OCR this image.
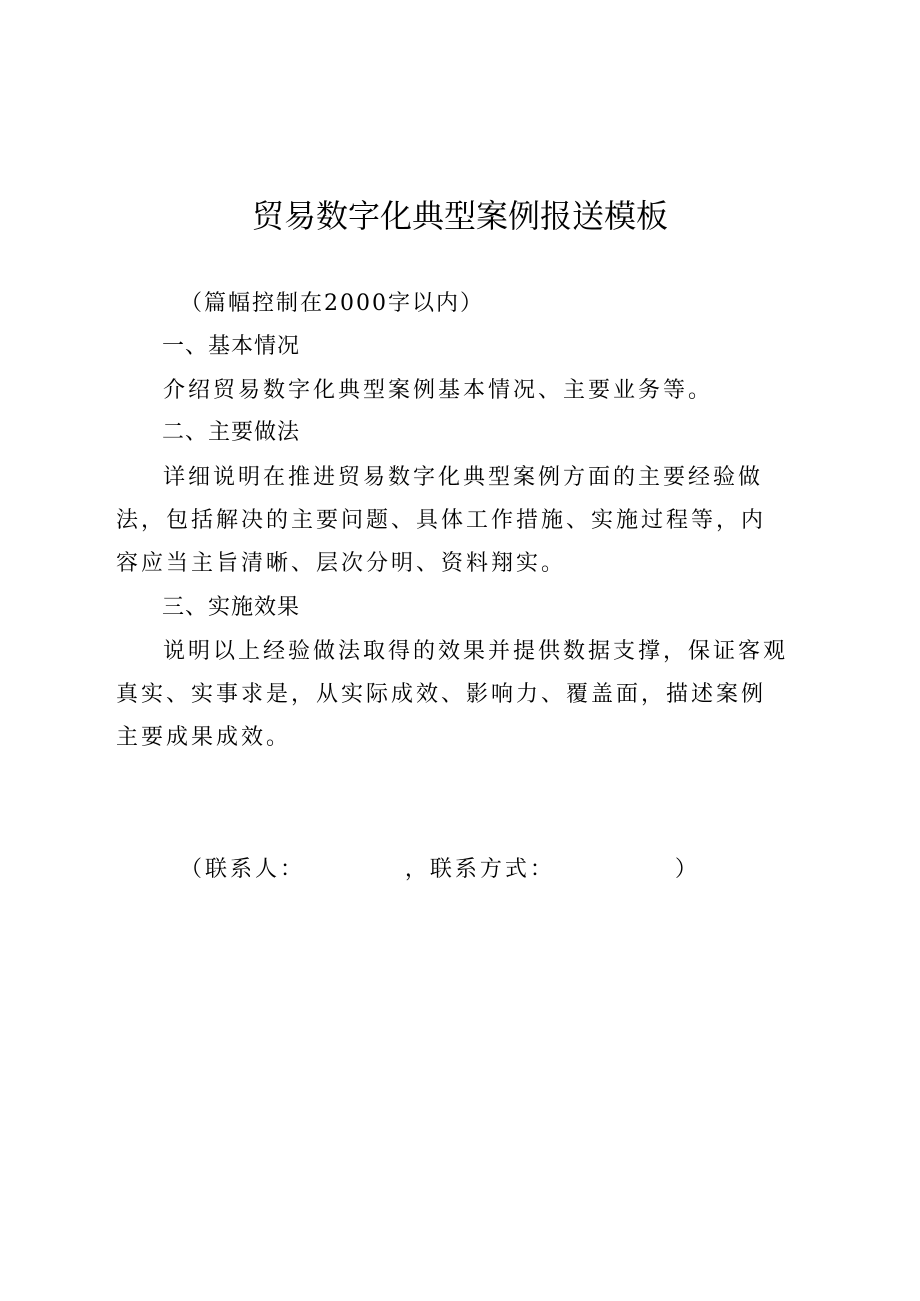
贸易数字化典型案例报送模板

（篇幅控制在2000字以内）

一、基本情况

介绍贸易数字化典型案例基本情况、主要业务等。

二、主要做法

详细说明在推进贸易数字化典型案例方面的主要经验做法，包括解决的主要问题、具体工作措施、实施过程等，内容应当主旨清晰、层次分明、资料翔实。

三、实施效果

说明以上经验做法取得的效果并提供数据支撑，保证客观真实、实事求是，从实际成效、影响力、覆盖面，描述案例主要成果成效。

（联系人：          ，联系方式：            ）
